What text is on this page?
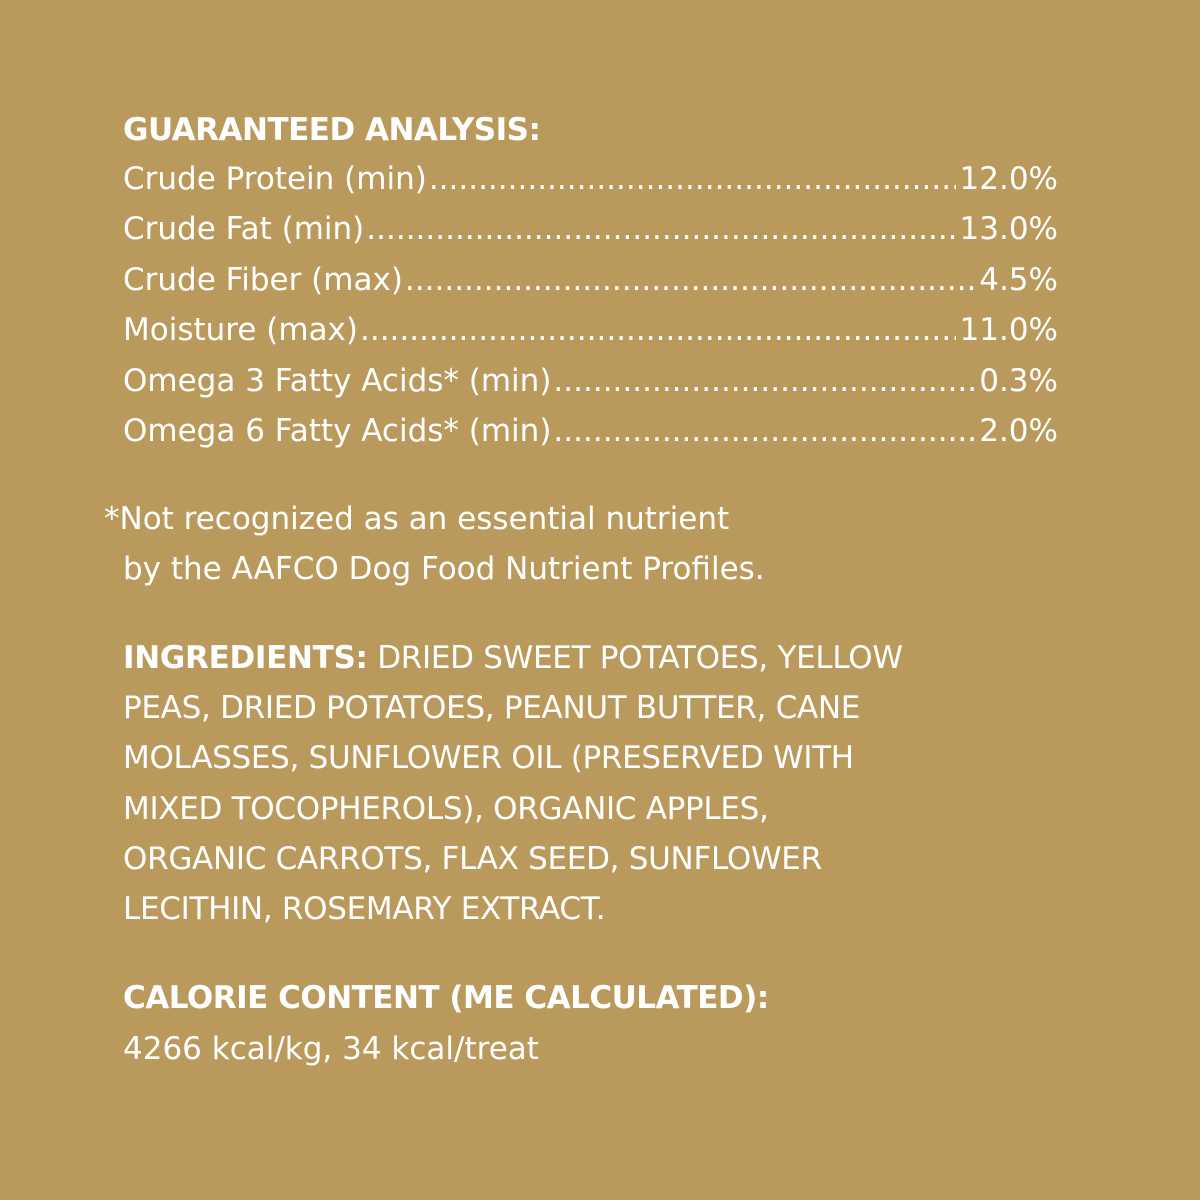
GUARANTEED ANALYSIS:
Crude Protein (min) .....	12.0%
Crude Fat (min) .....	13.0%
Crude Fiber (max) .....	4.5%
Moisture (max) .....	11.0%
Omega 3 Fatty Acids* (min) .....	0.3%
Omega 6 Fatty Acids* (min) .....	2.0%
*Not recognized as an essential nutrient
by the AAFCO Dog Food Nutrient Profiles.
INGREDIENTS: DRIED SWEET POTATOES, YELLOW
PEAS, DRIED POTATOES, PEANUT BUTTER, CANE
MOLASSES, SUNFLOWER OIL (PRESERVED WITH
MIXED TOCOPHEROLS), ORGANIC APPLES,
ORGANIC CARROTS, FLAX SEED, SUNFLOWER
LECITHIN, ROSEMARY EXTRACT.
CALORIE CONTENT (ME CALCULATED):
4266 kcal/kg, 34 kcal/treat
